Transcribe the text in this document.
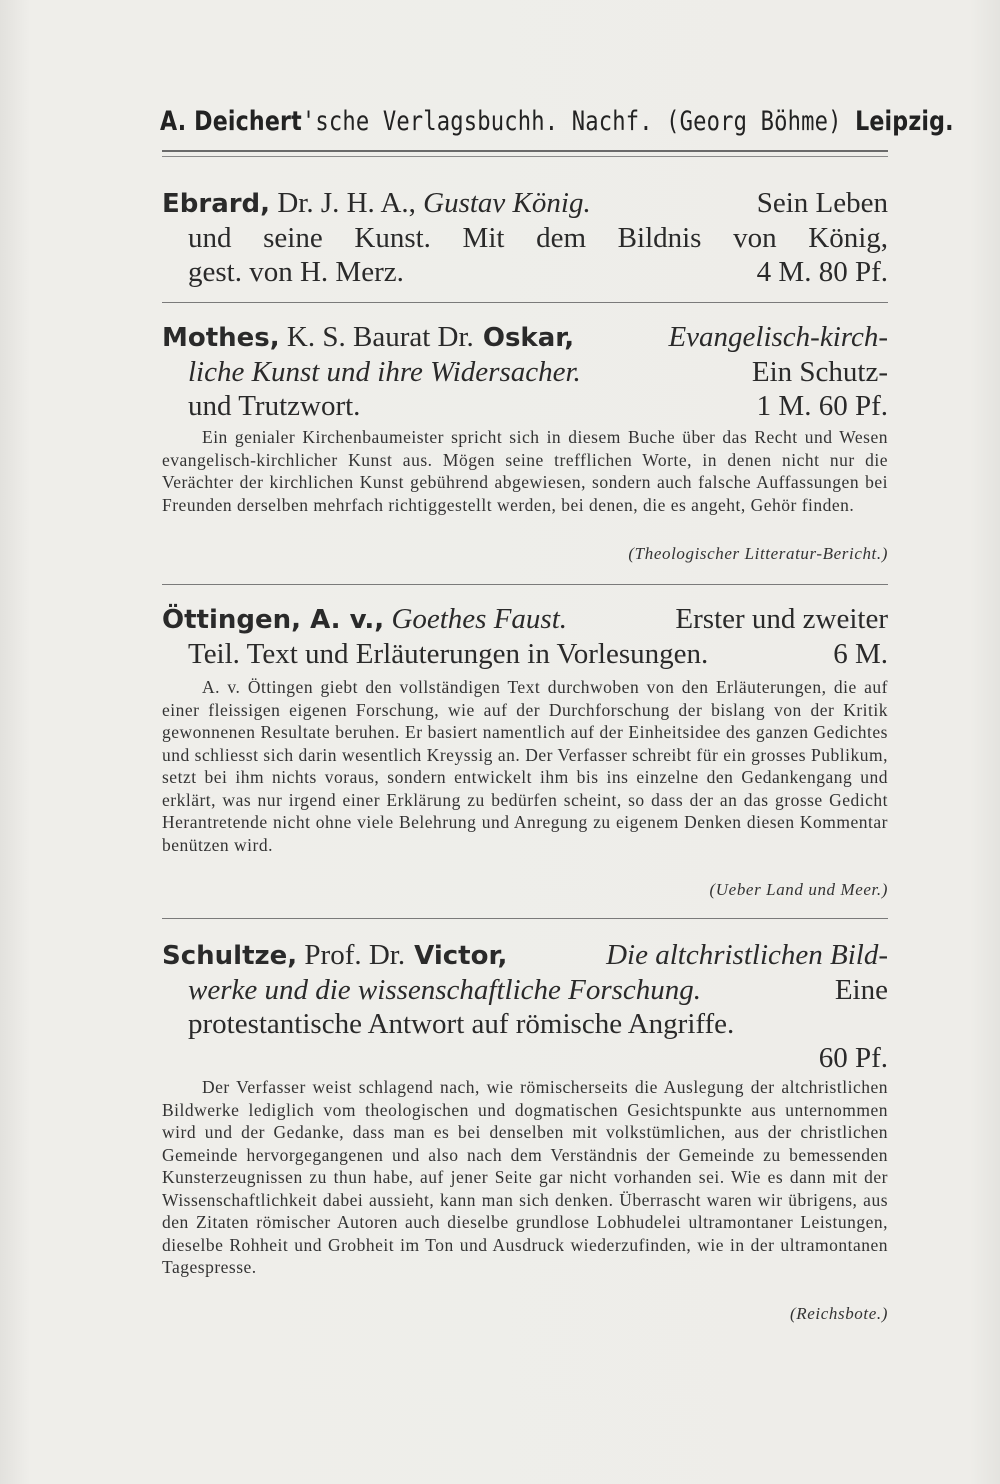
A. Deichert'sche Verlagsbuchh. Nachf. (Georg Böhme) Leipzig.
Ebrard, Dr. J. H. A., Gustav König.	Sein Leben
und seine Kunst. Mit dem Bildnis von König,
gest. von H. Merz.	4 M. 80 Pf.
Mothes, K. S. Baurat Dr. Oskar,	Evangelisch-kirch-
liche Kunst und ihre Widersacher.	Ein Schutz-
und Trutzwort.	1 M. 60 Pf.
Ein genialer Kirchenbaumeister spricht sich in diesem Buche über das Recht und Wesen evangelisch-kirchlicher Kunst aus. Mögen seine trefflichen Worte, in denen nicht nur die Verächter der kirchlichen Kunst gebührend abgewiesen, sondern auch falsche Auffassungen bei Freunden derselben mehrfach richtiggestellt werden, bei denen, die es angeht, Gehör finden.
(Theologischer Litteratur-Bericht.)
Öttingen, A. v., Goethes Faust.	Erster und zweiter
Teil. Text und Erläuterungen in Vorlesungen.	6 M.
A. v. Öttingen giebt den vollständigen Text durchwoben von den Erläuterungen, die auf einer fleissigen eigenen Forschung, wie auf der Durchforschung der bislang von der Kritik gewonnenen Resultate beruhen. Er basiert namentlich auf der Einheitsidee des ganzen Gedichtes und schliesst sich darin wesentlich Kreyssig an. Der Verfasser schreibt für ein grosses Publikum, setzt bei ihm nichts voraus, sondern entwickelt ihm bis ins einzelne den Gedankengang und erklärt, was nur irgend einer Erklärung zu bedürfen scheint, so dass der an das grosse Gedicht Herantretende nicht ohne viele Belehrung und Anregung zu eigenem Denken diesen Kommentar benützen wird.
(Ueber Land und Meer.)
Schultze, Prof. Dr. Victor,	Die altchristlichen Bild-
werke und die wissenschaftliche Forschung.	Eine
protestantische Antwort auf römische Angriffe.
60 Pf.
Der Verfasser weist schlagend nach, wie römischerseits die Auslegung der altchristlichen Bildwerke lediglich vom theologischen und dogmatischen Gesichtspunkte aus unternommen wird und der Gedanke, dass man es bei denselben mit volkstümlichen, aus der christlichen Gemeinde hervorgegangenen und also nach dem Verständnis der Gemeinde zu bemessenden Kunsterzeugnissen zu thun habe, auf jener Seite gar nicht vorhanden sei. Wie es dann mit der Wissenschaftlichkeit dabei aussieht, kann man sich denken. Überrascht waren wir übrigens, aus den Zitaten römischer Autoren auch dieselbe grundlose Lobhudelei ultramontaner Leistungen, dieselbe Rohheit und Grobheit im Ton und Ausdruck wiederzufinden, wie in der ultramontanen Tagespresse.
(Reichsbote.)
